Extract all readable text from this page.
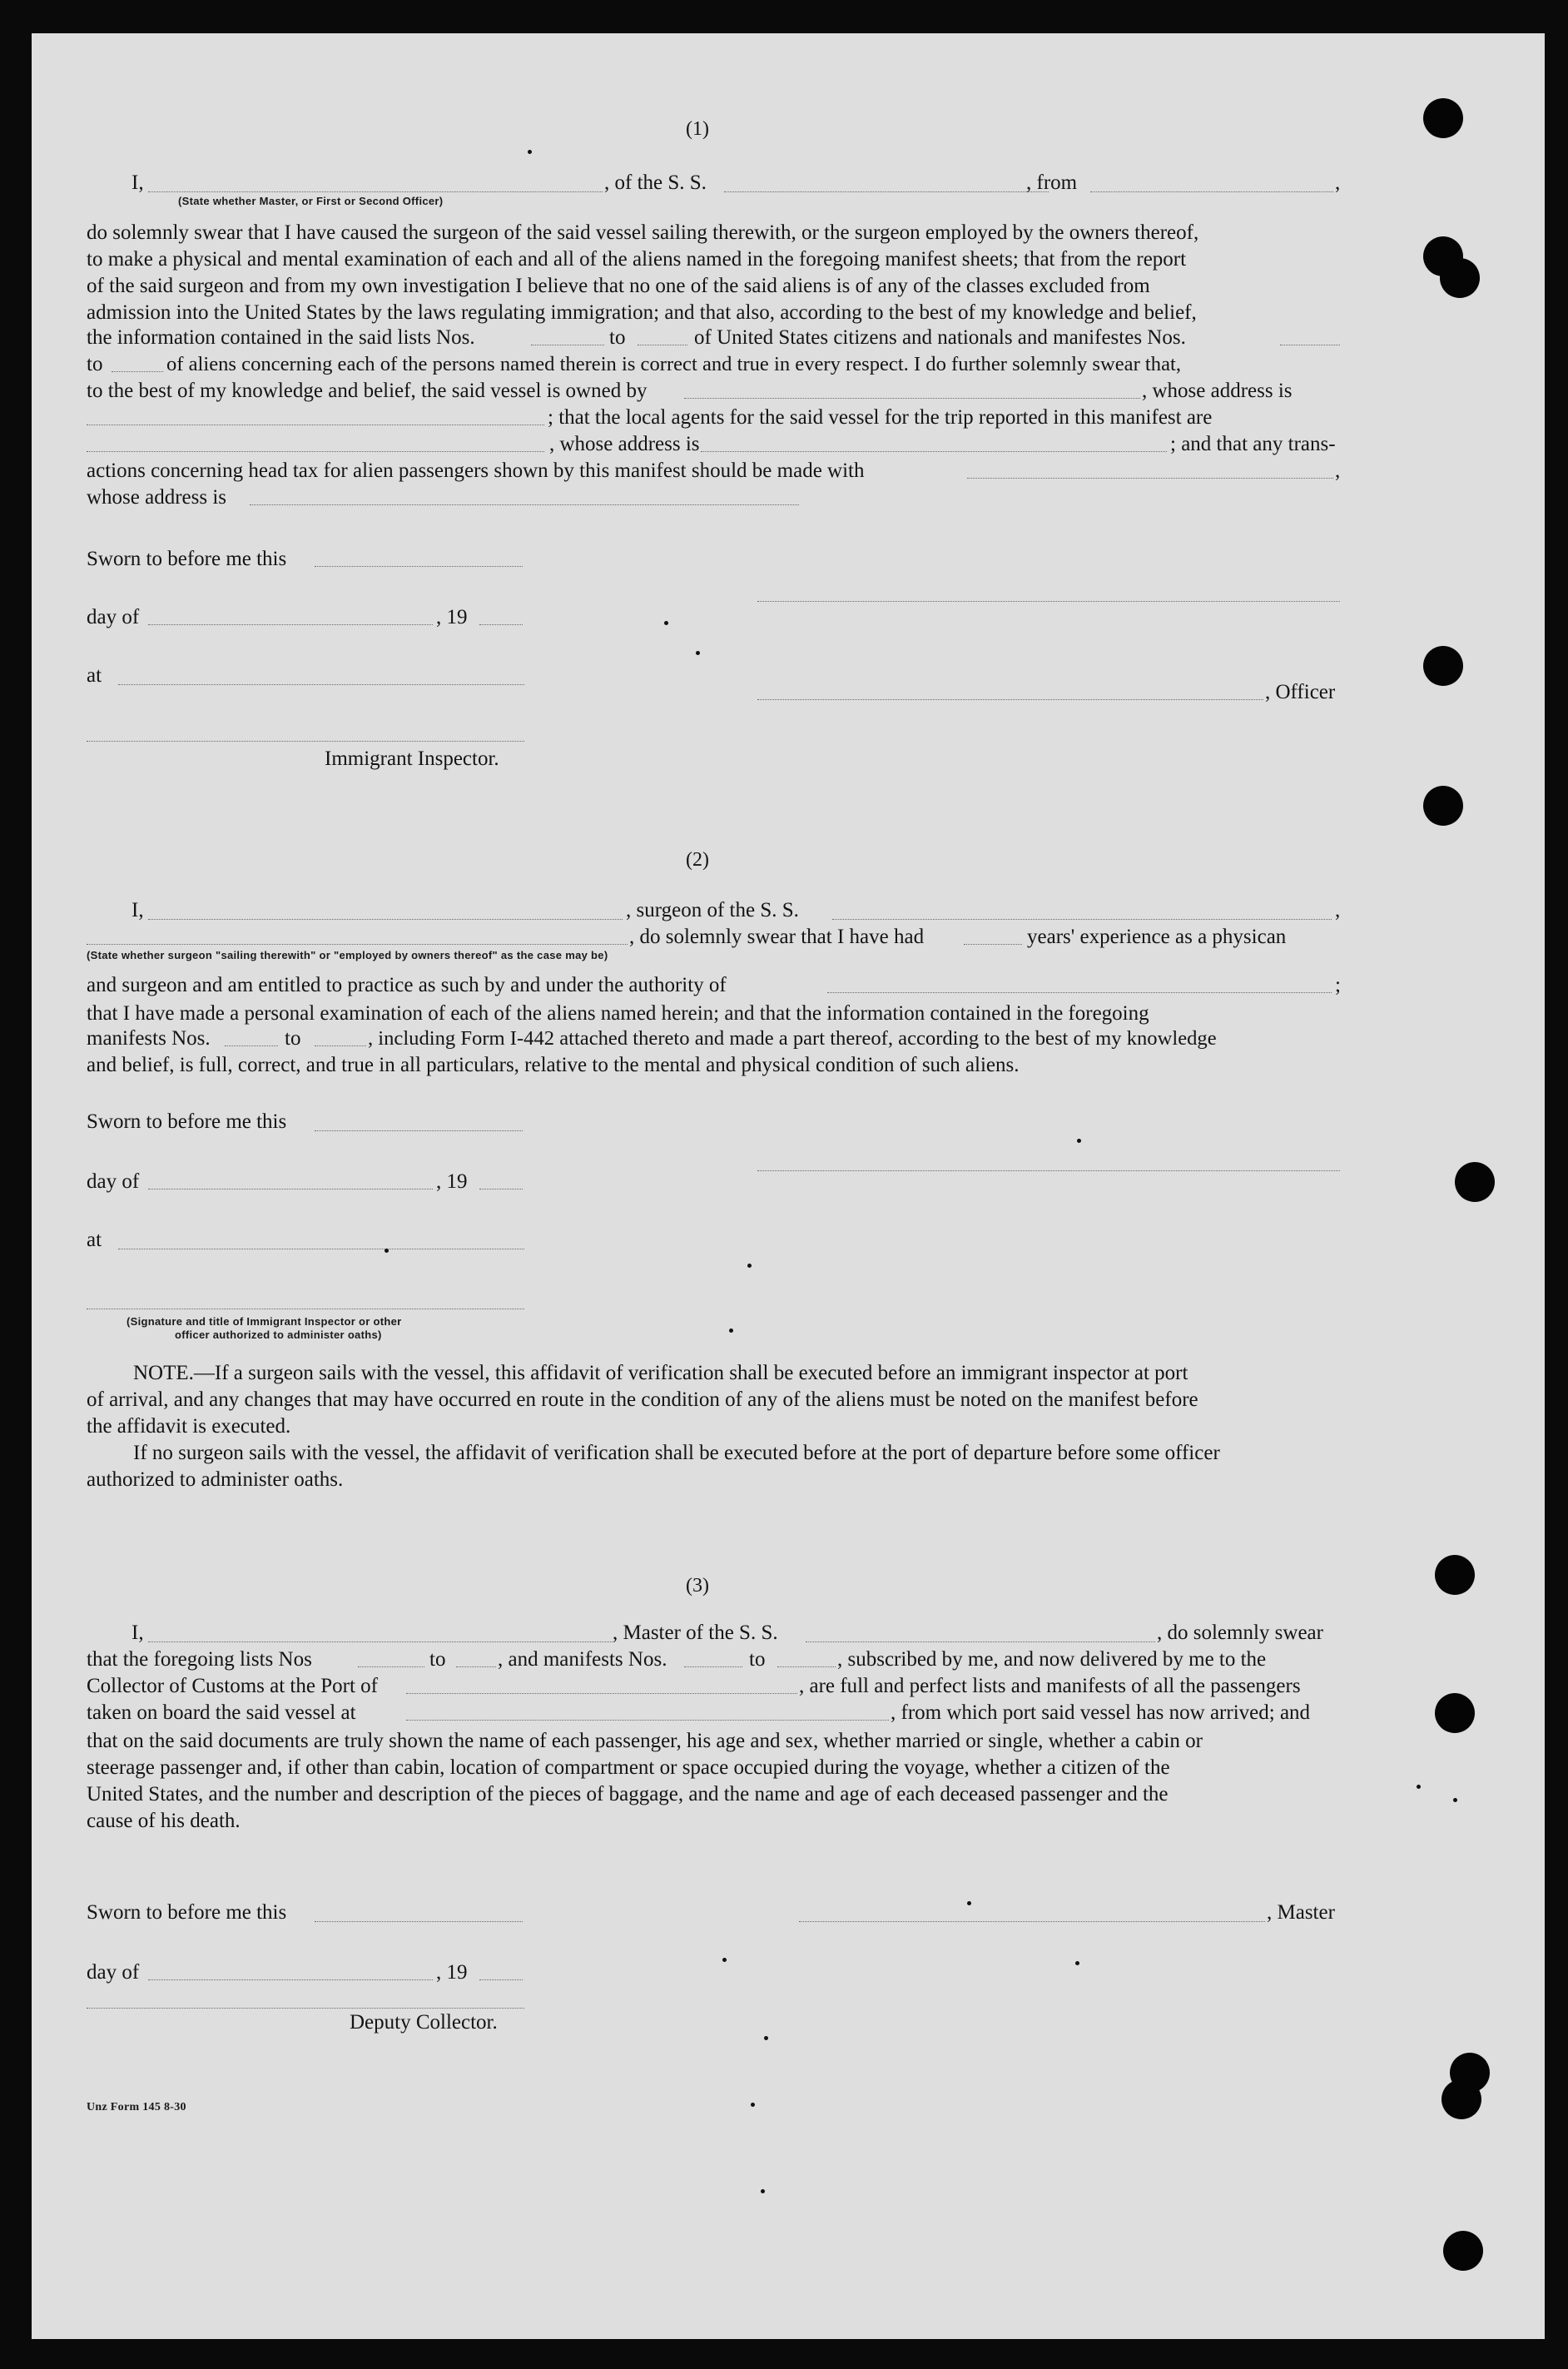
(1)
I,	, of the S. S.	, from	,
(State whether Master, or First or Second Officer)
do solemnly swear that I have caused the surgeon of the said vessel sailing therewith, or the surgeon employed by the owners thereof,
to make a physical and mental examination of each and all of the aliens named in the foregoing manifest sheets; that from the report
of the said surgeon and from my own investigation I believe that no one of the said aliens is of any of the classes excluded from
admission into the United States by the laws regulating immigration; and that also, according to the best of my knowledge and belief,
the information contained in the said lists Nos.	to	of United States citizens and nationals and manifestes Nos.
to	of aliens concerning each of the persons named therein is correct and true in every respect. I do further solemnly swear that,
to the best of my knowledge and belief, the said vessel is owned by	, whose address is
; that the local agents for the said vessel for the trip reported in this manifest are
, whose address is	; and that any trans-
actions concerning head tax for alien passengers shown by this manifest should be made with	,
whose address is
Sworn to before me this
day of	, 19
at
, Officer
Immigrant Inspector.
(2)
I,	, surgeon of the S. S.	,
, do solemnly swear that I have had	years' experience as a physican
(State whether surgeon "sailing therewith" or "employed by owners thereof" as the case may be)
and surgeon and am entitled to practice as such by and under the authority of	;
that I have made a personal examination of each of the aliens named herein; and that the information contained in the foregoing
manifests Nos.	to	, including Form I-442 attached thereto and made a part thereof, according to the best of my knowledge
and belief, is full, correct, and true in all particulars, relative to the mental and physical condition of such aliens.
Sworn to before me this
day of	, 19
at
(Signature and title of Immigrant Inspector or other
officer authorized to administer oaths)
NOTE.—If a surgeon sails with the vessel, this affidavit of verification shall be executed before an immigrant inspector at port
of arrival, and any changes that may have occurred en route in the condition of any of the aliens must be noted on the manifest before
the affidavit is executed.
If no surgeon sails with the vessel, the affidavit of verification shall be executed before at the port of departure before some officer
authorized to administer oaths.
(3)
I,	, Master of the S. S.	, do solemnly swear
that the foregoing lists Nos	to	, and manifests Nos.	to	, subscribed by me, and now delivered by me to the
Collector of Customs at the Port of	, are full and perfect lists and manifests of all the passengers
taken on board the said vessel at	, from which port said vessel has now arrived; and
that on the said documents are truly shown the name of each passenger, his age and sex, whether married or single, whether a cabin or
steerage passenger and, if other than cabin, location of compartment or space occupied during the voyage, whether a citizen of the
United States, and the number and description of the pieces of baggage, and the name and age of each deceased passenger and the
cause of his death.
Sworn to before me this	, Master
day of	, 19
Deputy Collector.
Unz Form 145 8-30
